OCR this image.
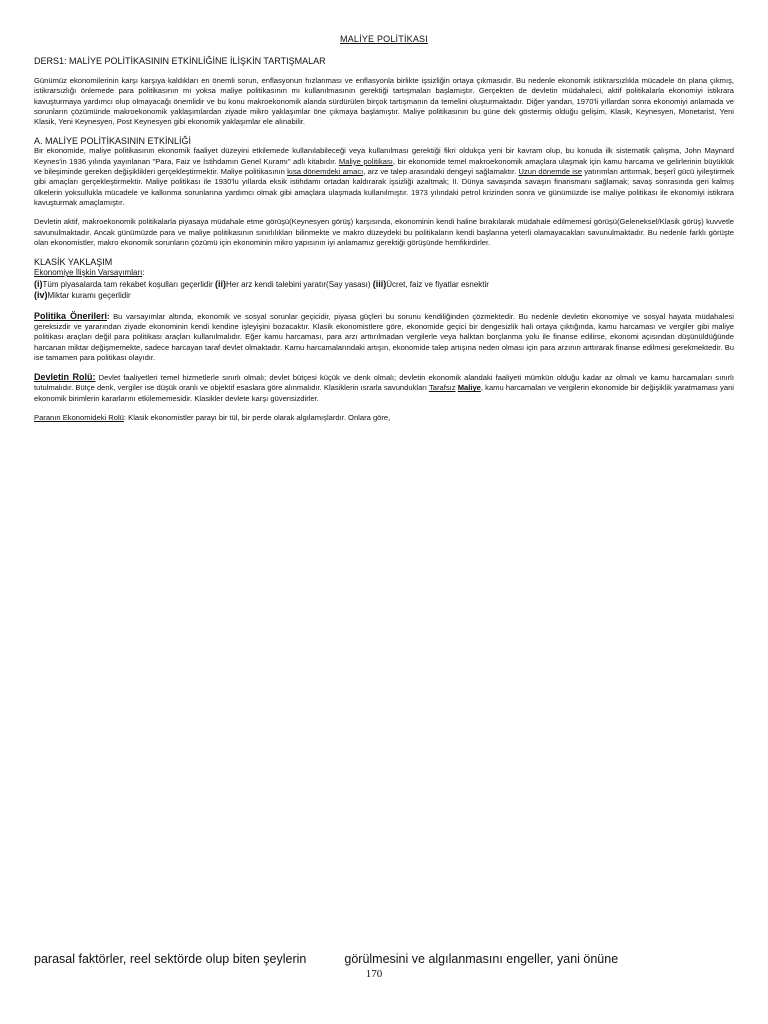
MALİYE POLİTİKASI
DERS1: MALİYE POLİTİKASININ ETKİNLİĞİNE İLİŞKİN TARTIŞMALAR

Günümüz ekonomilerinin karşı karşıya kaldıkları en önemli sorun, enflasyonun hızlanması ve enflasyonla birlikte işsizliğin ortaya çıkmasıdır. Bu nedenle ekonomik istikrarsızlıkla mücadele ön plana çıkmış, istikrarsızlığı önlemede para politikasının mı yoksa maliye politikasının mı kullanılmasının gerektiği tartışmaları başlamıştır. Gerçekten de devletin müdahaleci, aktif politikalarla ekonomiyi istikrara kavuşturmaya yardımcı olup olmayacağı önemlidir ve bu konu makroekonomik alanda sürdürülen birçok tartışmanın da temelini oluşturmaktadır. Diğer yandan, 1970'li yıllardan sonra ekonomiyi anlamada ve sorunların çözümünde makroekonomik yaklaşımlardan ziyade mikro yaklaşımlar öne çıkmaya başlamıştır. Maliye politikasının bu güne dek göstermiş olduğu gelişim, Klasik, Keynesyen, Monetarist, Yeni Klasik, Yeni Keynesyen, Post Keynesyen gibi ekonomik yaklaşımlar ele alınabilir.

A. MALİYE POLİTİKASININ ETKİNLİĞİ

Bir ekonomide, maliye politikasının ekonomik faaliyet düzeyini etkilemede kullanılabileceği veya kullanılması gerektiği fikri oldukça yeni bir kavram olup, bu konuda ilk sistematik çalışma, John Maynard Keynes'in 1936 yılında yayınlanan "Para, Faiz ve İstihdamın Genel Kuramı" adlı kitabıdır. Maliye politikası, bir ekonomide temel makroekonomik amaçlara ulaşmak için kamu harcama ve gelirlerinin büyüklük ve bileşiminde gereken değişiklikleri gerçekleştirmektir. Maliye politikasının kısa dönemdeki amacı, arz ve talep arasındaki dengeyi sağlamaktır. Uzun dönemde ise yatırımları arttırmak, beşerî gücü iyileştirmek gibi amaçları gerçekleştirmektir. Maliye politikası ile 1930'lu yıllarda eksik istihdamı ortadan kaldırarak işsizliği azaltmak; II. Dünya savaşında savaşın finansmanı sağlamak; savaş sonrasında geri kalmış ülkelerin yoksullukla mücadele ve kalkınma sorunlarına yardımcı olmak gibi amaçlara ulaşmada kullanılmıştır. 1973 yılındaki petrol krizinden sonra ve günümüzde ise maliye politikası ile ekonomiyi istikrara kavuşturmak amaçlamıştır.

Devletin aktif, makroekonomik politikalarla piyasaya müdahale etme görüşü(Keynesyen görüş) karşısında, ekonominin kendi haline bırakılarak müdahale edilmemesi görüşü(Geleneksel/Klasik görüş) kuvvetle savunulmaktadır. Ancak günümüzde para ve maliye politikasının sınırlılıkları bilinmekte ve makro düzeydeki bu politikaların kendi başlarına yeterli olamayacakları savunulmaktadır. Bu nedenle farklı görüşte olan ekonomistler, makro ekonomik sorunların çözümü için ekonominin mikro yapısının iyi anlamamız gerektiği görüşünde hemfikirdirler.

KLASİK YAKLAŞIM
Ekonomiye İlişkin Varsayımları:
(i)Tüm piyasalarda tam rekabet koşulları geçerlidir (ii)Her arz kendi talebini yaratır(Say yasası) (iii)Ücret, faiz ve fiyatlar esnektir
(iv)Miktar kuramı geçerlidir

Politika Önerileri: Bu varsayımlar altında, ekonomik ve sosyal sorunlar geçicidir, piyasa güçleri bu sorunu kendiliğinden çözmektedir. Bu nedenle devletin ekonomiye ve sosyal hayata müdahalesi gereksizdir ve yararından ziyade ekonominin kendi kendine işleyişini bozacaktır. Klasik ekonomistlere göre, ekonomide geçici bir dengesizlik hali ortaya çıktığında, kamu harcaması ve vergiler gibi maliye politikası araçları değil para politikası araçları kullanılmalıdır. Eğer kamu harcaması, para arzı arttırılmadan vergilerle veya halktan borçlanma yolu ile finanse edilirse, ekonomi açısından düşünüldüğünde harcanan miktar değişmemekte, sadece harcayan taraf devlet olmaktadır. Kamu harcamalarındaki artışın, ekonomide talep artışına neden olması için para arzının arttırarak finanse edilmesi gerekmektedir. Bu ise tamamen para politikası olayıdır.

Devletin Rolü: Devlet faaliyetleri temel hizmetlerle sınırlı olmalı; devlet bütçesi küçük ve denk olmalı; devletin ekonomik alandaki faaliyeti mümkün olduğu kadar az olmalı ve kamu harcamaları sınırlı tutulmalıdır. Bütçe denk, vergiler ise düşük oranlı ve objektif esaslara göre alınmalıdır. Klasiklerin ısrarla savundukları Tarafsız Maliye, kamu harcamaları ve vergilerin ekonomide bir değişiklik yaratmaması yani ekonomik birimlerin kararlarını etkilememesidir. Klasikler devlete karşı güvensizdirler.

Paranın Ekonomideki Rolü: Klasik ekonomistler parayı bir tül, bir perde olarak algılamışlardır. Onlara göre,

parasal faktörler, reel sektörde olup biten şeylerin	görülmesini ve algılanmasını engeller, yani önüne
170
